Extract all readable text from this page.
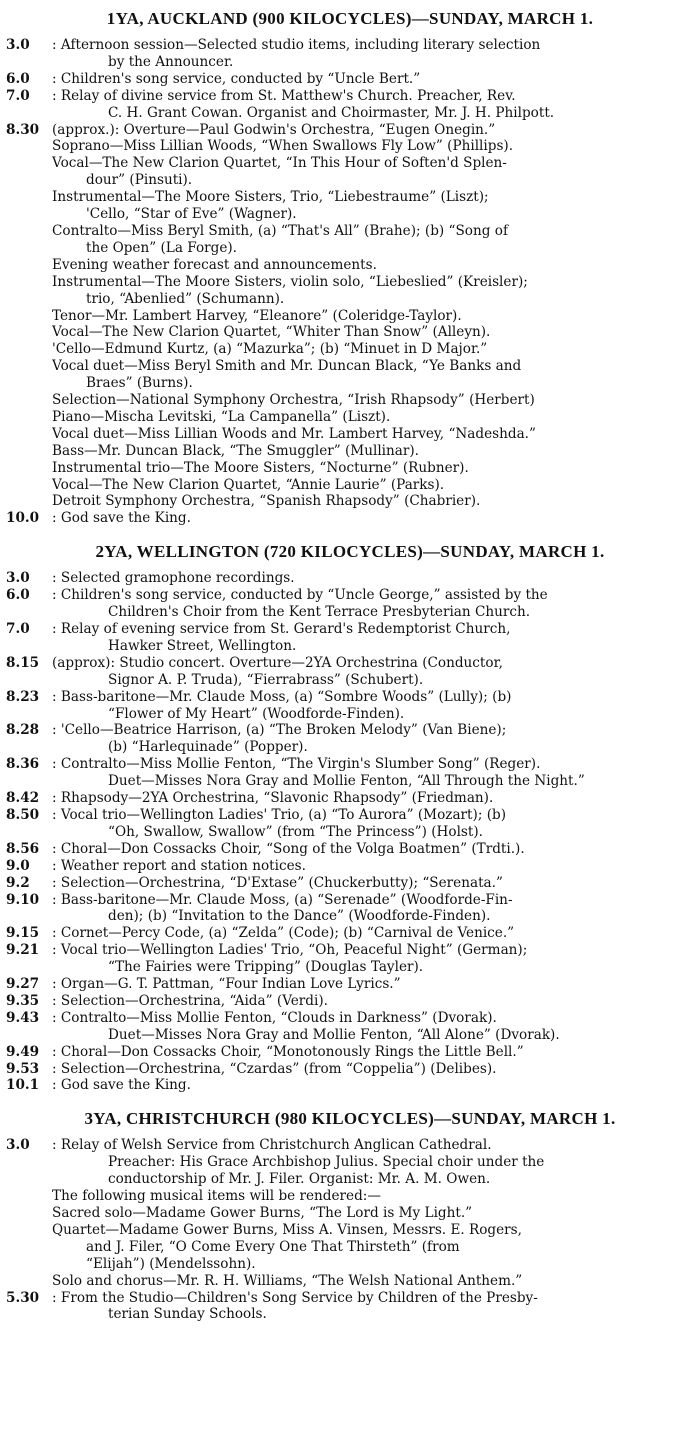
1YA, AUCKLAND (900 KILOCYCLES)—SUNDAY, MARCH 1.
3.0	: Afternoon session—Selected studio items, including literary selection
by the Announcer.
6.0	: Children's song service, conducted by “Uncle Bert.”
7.0	: Relay of divine service from St. Matthew's Church. Preacher, Rev.
C. H. Grant Cowan. Organist and Choirmaster, Mr. J. H. Philpott.
8.30 (approx.): Overture—Paul Godwin's Orchestra, “Eugen Onegin.”
Soprano—Miss Lillian Woods, “When Swallows Fly Low” (Phillips).
Vocal—The New Clarion Quartet, “In This Hour of Soften'd Splen-
dour” (Pinsuti).
Instrumental—The Moore Sisters, Trio, “Liebestraume” (Liszt);
'Cello, “Star of Eve” (Wagner).
Contralto—Miss Beryl Smith, (a) “That's All” (Brahe); (b) “Song of
the Open” (La Forge).
Evening weather forecast and announcements.
Instrumental—The Moore Sisters, violin solo, “Liebeslied” (Kreisler);
trio, “Abenlied” (Schumann).
Tenor—Mr. Lambert Harvey, “Eleanore” (Coleridge-Taylor).
Vocal—The New Clarion Quartet, “Whiter Than Snow” (Alleyn).
'Cello—Edmund Kurtz, (a) “Mazurka”; (b) “Minuet in D Major.”
Vocal duet—Miss Beryl Smith and Mr. Duncan Black, “Ye Banks and
Braes” (Burns).
Selection—National Symphony Orchestra, “Irish Rhapsody” (Herbert)
Piano—Mischa Levitski, “La Campanella” (Liszt).
Vocal duet—Miss Lillian Woods and Mr. Lambert Harvey, “Nadeshda.”
Bass—Mr. Duncan Black, “The Smuggler” (Mullinar).
Instrumental trio—The Moore Sisters, “Nocturne” (Rubner).
Vocal—The New Clarion Quartet, “Annie Laurie” (Parks).
Detroit Symphony Orchestra, “Spanish Rhapsody” (Chabrier).
10.0 : God save the King.
2YA, WELLINGTON (720 KILOCYCLES)—SUNDAY, MARCH 1.
3.0	: Selected gramophone recordings.
6.0	: Children's song service, conducted by “Uncle George,” assisted by the
Children's Choir from the Kent Terrace Presbyterian Church.
7.0	: Relay of evening service from St. Gerard's Redemptorist Church,
Hawker Street, Wellington.
8.15 (approx): Studio concert. Overture—2YA Orchestrina (Conductor,
Signor A. P. Truda), “Fierrabrass” (Schubert).
8.23 : Bass-baritone—Mr. Claude Moss, (a) “Sombre Woods” (Lully); (b)
“Flower of My Heart” (Woodforde-Finden).
8.28 : 'Cello—Beatrice Harrison, (a) “The Broken Melody” (Van Biene);
(b) “Harlequinade” (Popper).
8.36 : Contralto—Miss Mollie Fenton, “The Virgin's Slumber Song” (Reger).
Duet—Misses Nora Gray and Mollie Fenton, “All Through the Night.”
8.42 : Rhapsody—2YA Orchestrina, “Slavonic Rhapsody” (Friedman).
8.50 : Vocal trio—Wellington Ladies' Trio, (a) “To Aurora” (Mozart); (b)
“Oh, Swallow, Swallow” (from “The Princess”) (Holst).
8.56 : Choral—Don Cossacks Choir, “Song of the Volga Boatmen” (Trdti.).
9.0	: Weather report and station notices.
9.2	: Selection—Orchestrina, “D'Extase” (Chuckerbutty); “Serenata.”
9.10 : Bass-baritone—Mr. Claude Moss, (a) “Serenade” (Woodforde-Fin-
den); (b) “Invitation to the Dance” (Woodforde-Finden).
9.15 : Cornet—Percy Code, (a) “Zelda” (Code); (b) “Carnival de Venice.”
9.21 : Vocal trio—Wellington Ladies' Trio, “Oh, Peaceful Night” (German);
“The Fairies were Tripping” (Douglas Tayler).
9.27 : Organ—G. T. Pattman, “Four Indian Love Lyrics.”
9.35 : Selection—Orchestrina, “Aida” (Verdi).
9.43 : Contralto—Miss Mollie Fenton, “Clouds in Darkness” (Dvorak).
Duet—Misses Nora Gray and Mollie Fenton, “All Alone” (Dvorak).
9.49 : Choral—Don Cossacks Choir, “Monotonously Rings the Little Bell.”
9.53 : Selection—Orchestrina, “Czardas” (from “Coppelia”) (Delibes).
10.1 : God save the King.
3YA, CHRISTCHURCH (980 KILOCYCLES)—SUNDAY, MARCH 1.
3.0	: Relay of Welsh Service from Christchurch Anglican Cathedral.
Preacher: His Grace Archbishop Julius. Special choir under the
conductorship of Mr. J. Filer. Organist: Mr. A. M. Owen.
The following musical items will be rendered:—
Sacred solo—Madame Gower Burns, “The Lord is My Light.”
Quartet—Madame Gower Burns, Miss A. Vinsen, Messrs. E. Rogers,
and J. Filer, “O Come Every One That Thirsteth” (from
“Elijah”) (Mendelssohn).
Solo and chorus—Mr. R. H. Williams, “The Welsh National Anthem.”
5.30 : From the Studio—Children's Song Service by Children of the Presby-
terian Sunday Schools.
